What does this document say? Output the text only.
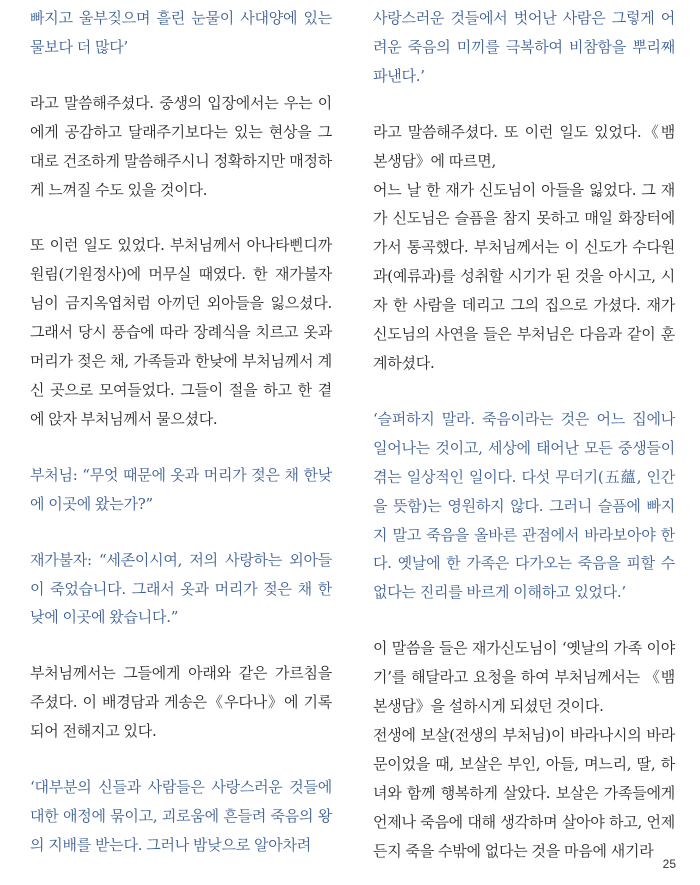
빠지고 울부짖으며 흘린 눈물이 사대양에 있는 물보다 더 많다’

라고 말씀해주셨다. 중생의 입장에서는 우는 이에게 공감하고 달래주기보다는 있는 현상을 그대로 건조하게 말씀해주시니 정확하지만 매정하게 느껴질 수도 있을 것이다.

또 이런 일도 있었다. 부처님께서 아나타삔디까원림(기원정사)에 머무실 때였다. 한 재가불자님이 금지옥엽처럼 아끼던 외아들을 잃으셨다. 그래서 당시 풍습에 따라 장례식을 치르고 옷과 머리가 젖은 채, 가족들과 한낮에 부처님께서 계신 곳으로 모여들었다. 그들이 절을 하고 한 곁에 앉자 부처님께서 물으셨다.

부처님: “무엇 때문에 옷과 머리가 젖은 채 한낮에 이곳에 왔는가?”

재가불자: “세존이시여, 저의 사랑하는 외아들이 죽었습니다. 그래서 옷과 머리가 젖은 채 한낮에 이곳에 왔습니다.”

부처님께서는 그들에게 아래와 같은 가르침을 주셨다. 이 배경담과 게송은《우다나》에 기록되어 전해지고 있다.

‘대부분의 신들과 사람들은 사랑스러운 것들에 대한 애정에 묶이고, 괴로움에 흔들려 죽음의 왕의 지배를 받는다. 그러나 밤낮으로 알아차려

사랑스러운 것들에서 벗어난 사람은 그렇게 어려운 죽음의 미끼를 극복하여 비참함을 뿌리째 파낸다.’

라고 말씀해주셨다. 또 이런 일도 있었다.《뱀 본생담》에 따르면,

어느 날 한 재가 신도님이 아들을 잃었다. 그 재가 신도님은 슬픔을 참지 못하고 매일 화장터에 가서 통곡했다. 부처님께서는 이 신도가 수다원과(예류과)를 성취할 시기가 된 것을 아시고, 시자 한 사람을 데리고 그의 집으로 가셨다. 재가신도님의 사연을 들은 부처님은 다음과 같이 훈계하셨다.

‘슬퍼하지 말라. 죽음이라는 것은 어느 집에나 일어나는 것이고, 세상에 태어난 모든 중생들이 겪는 일상적인 일이다. 다섯 무더기(五蘊, 인간을 뜻함)는 영원하지 않다. 그러니 슬픔에 빠지지 말고 죽음을 올바른 관점에서 바라보아야 한다. 옛날에 한 가족은 다가오는 죽음을 피할 수 없다는 진리를 바르게 이해하고 있었다.’

이 말씀을 들은 재가신도님이 ‘옛날의 가족 이야기’를 해달라고 요청을 하여 부처님께서는 《뱀 본생담》을 설하시게 되셨던 것이다.

전생에 보살(전생의 부처님)이 바라나시의 바라문이었을 때, 보살은 부인, 아들, 며느리, 딸, 하녀와 함께 행복하게 살았다. 보살은 가족들에게 언제나 죽음에 대해 생각하며 살아야 하고, 언제든지 죽을 수밖에 없다는 것을 마음에 새기라

25
